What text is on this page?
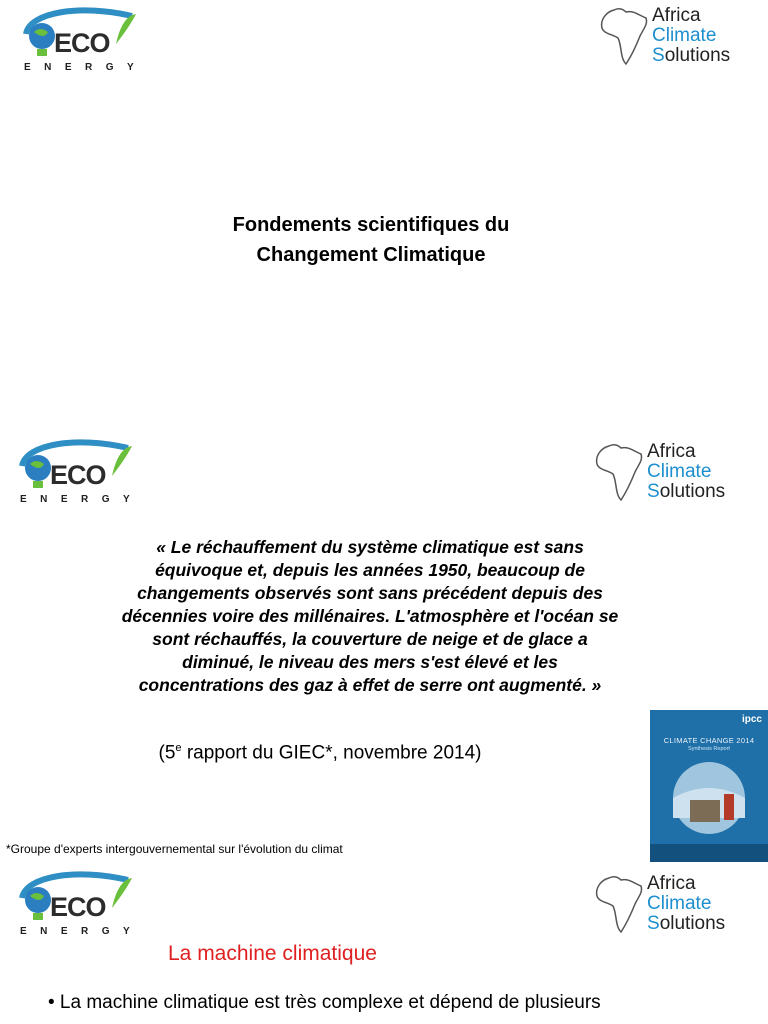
ECO
ENERGY
Africa
Climate
Solutions
Fondements scientifiques du
Changement Climatique
ECO
ENERGY
Africa
Climate
Solutions
« Le réchauffement du système climatique est sans
équivoque et, depuis les années 1950, beaucoup de
changements observés sont sans précédent depuis des
décennies voire des millénaires. L'atmosphère et l'océan se
sont réchauffés, la couverture de neige et de glace a
diminué, le niveau des mers s'est élevé et les
concentrations des gaz à effet de serre ont augmenté. »
(5e rapport du GIEC*, novembre 2014)
*Groupe d'experts intergouvernemental sur l'évolution du climat
ipcc
CLIMATE CHANGE 2014
Synthesis Report
ECO
ENERGY
Africa
Climate
Solutions
La machine climatique
• La machine climatique est très complexe et dépend de plusieurs
